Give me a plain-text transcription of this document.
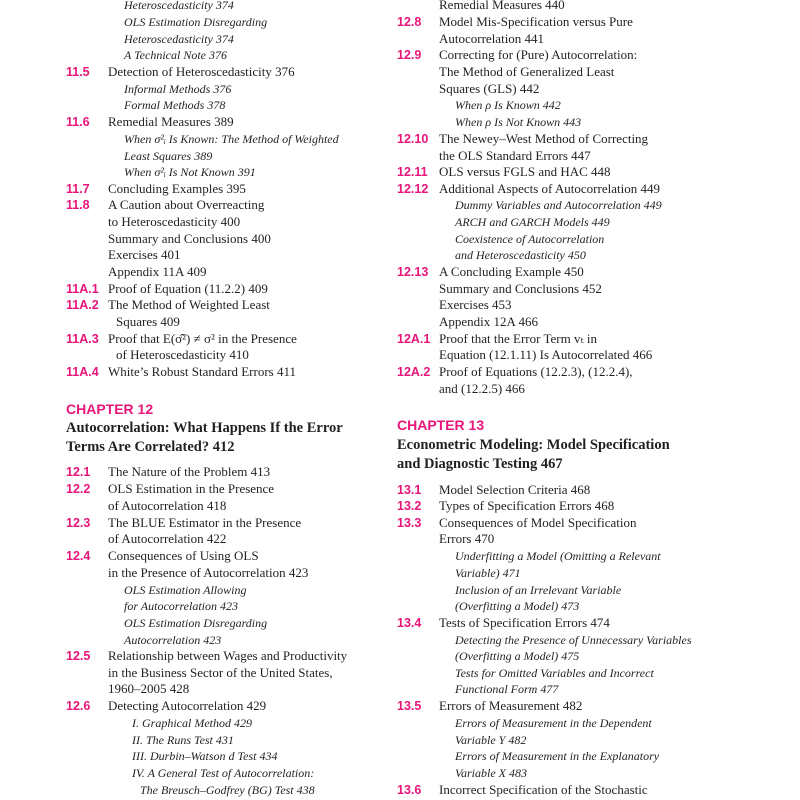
Heteroscedasticity 374
OLS Estimation Disregarding
Heteroscedasticity 374
A Technical Note 376
11.5 Detection of Heteroscedasticity 376
Informal Methods 376
Formal Methods 378
11.6 Remedial Measures 389
When σ²ᵢ Is Known: The Method of Weighted
Least Squares 389
When σ²ᵢ Is Not Known 391
11.7 Concluding Examples 395
11.8 A Caution about Overreacting
to Heteroscedasticity 400
Summary and Conclusions 400
Exercises 401
Appendix 11A 409
11A.1 Proof of Equation (11.2.2) 409
11A.2 The Method of Weighted Least
Squares 409
11A.3 Proof that E(σ̂²) ≠ σ² in the Presence
of Heteroscedasticity 410
11A.4 White’s Robust Standard Errors 411
CHAPTER 12
Autocorrelation: What Happens If the Error
Terms Are Correlated? 412
12.1 The Nature of the Problem 413
12.2 OLS Estimation in the Presence
of Autocorrelation 418
12.3 The BLUE Estimator in the Presence
of Autocorrelation 422
12.4 Consequences of Using OLS
in the Presence of Autocorrelation 423
OLS Estimation Allowing
for Autocorrelation 423
OLS Estimation Disregarding
Autocorrelation 423
12.5 Relationship between Wages and Productivity
in the Business Sector of the United States,
1960–2005 428
12.6 Detecting Autocorrelation 429
I. Graphical Method 429
II. The Runs Test 431
III. Durbin–Watson d Test 434
IV. A General Test of Autocorrelation:
The Breusch–Godfrey (BG) Test 438
Remedial Measures 440
12.8 Model Mis-Specification versus Pure
Autocorrelation 441
12.9 Correcting for (Pure) Autocorrelation:
The Method of Generalized Least
Squares (GLS) 442
When ρ Is Known 442
When ρ Is Not Known 443
12.10 The Newey–West Method of Correcting
the OLS Standard Errors 447
12.11 OLS versus FGLS and HAC 448
12.12 Additional Aspects of Autocorrelation 449
Dummy Variables and Autocorrelation 449
ARCH and GARCH Models 449
Coexistence of Autocorrelation
and Heteroscedasticity 450
12.13 A Concluding Example 450
Summary and Conclusions 452
Exercises 453
Appendix 12A 466
12A.1 Proof that the Error Term vₜ in
Equation (12.1.11) Is Autocorrelated 466
12A.2 Proof of Equations (12.2.3), (12.2.4),
and (12.2.5) 466
CHAPTER 13
Econometric Modeling: Model Specification
and Diagnostic Testing 467
13.1 Model Selection Criteria 468
13.2 Types of Specification Errors 468
13.3 Consequences of Model Specification
Errors 470
Underfitting a Model (Omitting a Relevant
Variable) 471
Inclusion of an Irrelevant Variable
(Overfitting a Model) 473
13.4 Tests of Specification Errors 474
Detecting the Presence of Unnecessary Variables
(Overfitting a Model) 475
Tests for Omitted Variables and Incorrect
Functional Form 477
13.5 Errors of Measurement 482
Errors of Measurement in the Dependent
Variable Y 482
Errors of Measurement in the Explanatory
Variable X 483
13.6 Incorrect Specification of the Stochastic
